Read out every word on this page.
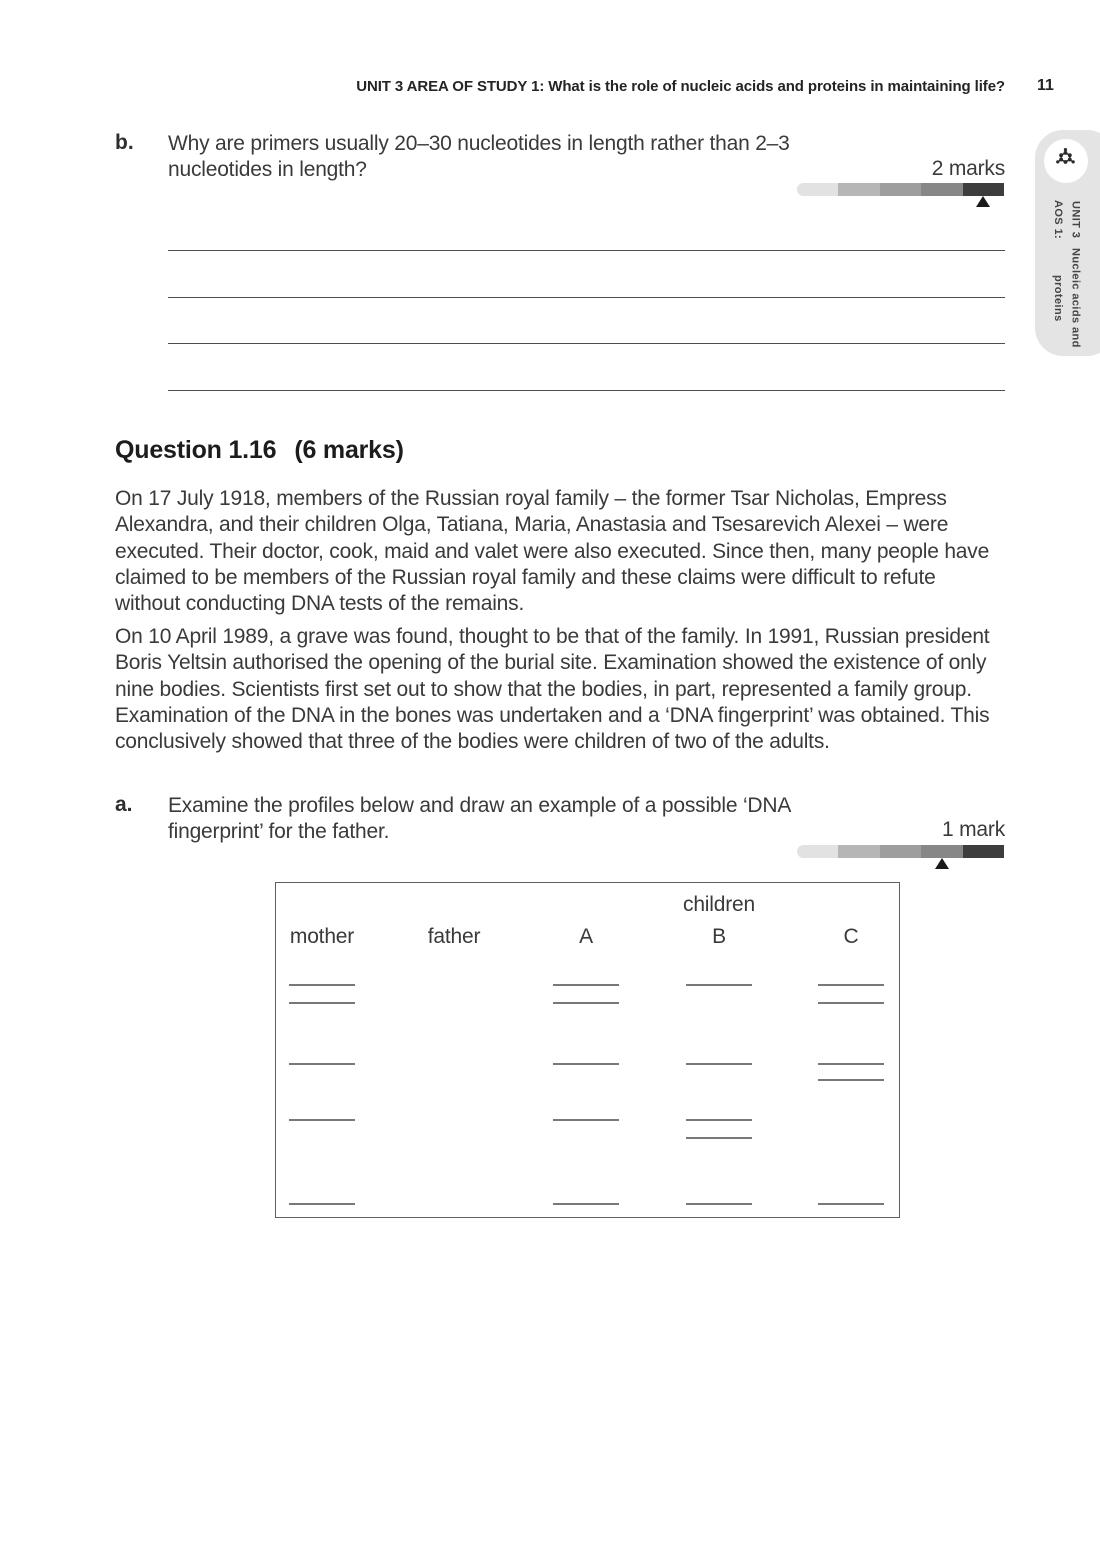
UNIT 3 AREA OF STUDY 1: What is the role of nucleic acids and proteins in maintaining life? 11
UNIT 3 AOS 1:
Nucleic acids and proteins
b. Why are primers usually 20–30 nucleotides in length rather than 2–3 nucleotides in length?	2 marks
Question 1.16 (6 marks)
On 17 July 1918, members of the Russian royal family – the former Tsar Nicholas, Empress Alexandra, and their children Olga, Tatiana, Maria, Anastasia and Tsesarevich Alexei – were executed. Their doctor, cook, maid and valet were also executed. Since then, many people have claimed to be members of the Russian royal family and these claims were difficult to refute without conducting DNA tests of the remains.
On 10 April 1989, a grave was found, thought to be that of the family. In 1991, Russian president Boris Yeltsin authorised the opening of the burial site. Examination showed the existence of only nine bodies. Scientists first set out to show that the bodies, in part, represented a family group. Examination of the DNA in the bones was undertaken and a ‘DNA fingerprint’ was obtained. This conclusively showed that three of the bodies were children of two of the adults.
a. Examine the profiles below and draw an example of a possible ‘DNA fingerprint’ for the father.	1 mark
children
mother	father	A	B	C
